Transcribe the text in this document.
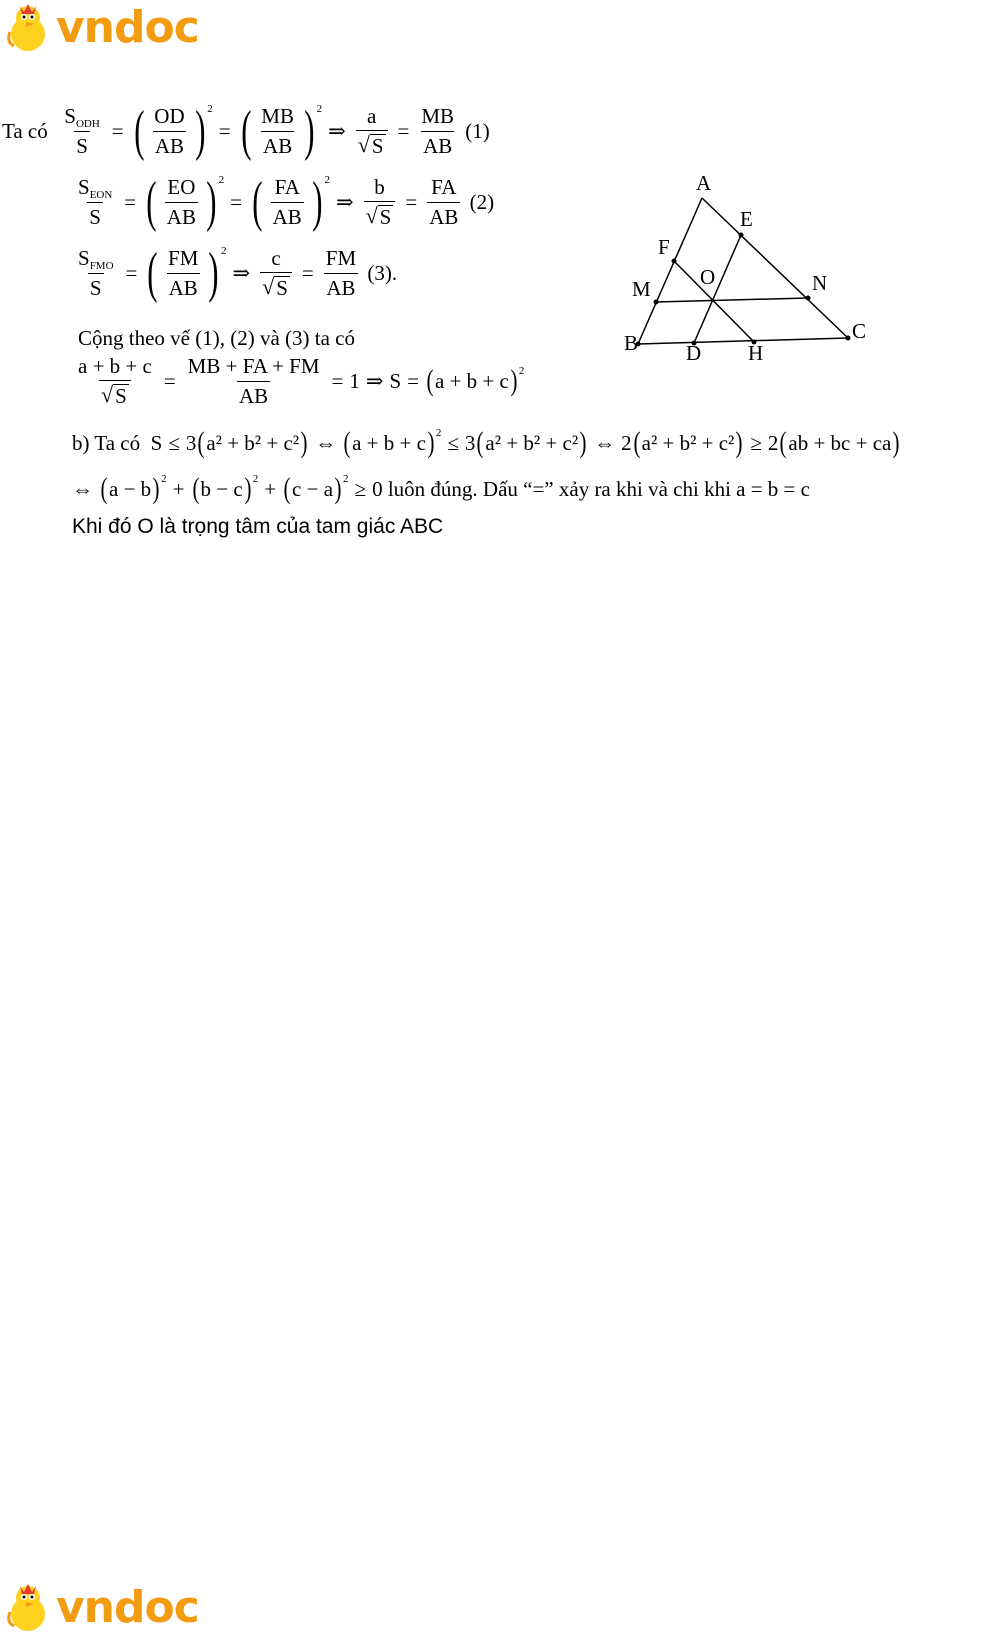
vndoc
Ta có
$\frac{\text{SODH}}{S}$ = ( $\frac{OD}{AB}$ ) 2
= ( $\frac{MB}{AB}$ ) 2
⇒ $\frac{a}{√ S} = \frac{MB}{AB}$
(1)
$\frac{\text{SEON}}{S}$ = ( $\frac{EO}{AB}$ ) 2
= ( $\frac{FA}{AB}$ ) 2
⇒ $\frac{b}{√ S} = \frac{FA}{AB}$
(2)
$\frac{\text{SFMO}}{S}$ = ( $\frac{FM}{AB}$ ) 2
⇒ $\frac{c}{√ S} = \frac{FM}{AB}$
(3).
Cộng theo vế (1), (2) và (3) ta có
$\frac{a + b + c}{√ S} = \frac{MB + FA + FM}{AB} = 1$ ⇒ S = ( a + b + c ) 2
b) Ta có
S ≤ 3 ( a² + b² + c² ) ⇔ ( a + b + c ) 2 ≤ 3 ( a² + b² + c² ) ⇔ 2 ( a² + b² + c² ) ≥ 2 ( ab + bc + ca )
⇔ ( a − b ) 2 + ( b − c ) 2 + ( c − a ) 2 ≥ 0
luôn đúng. Dấu “=” xảy ra khi và chi khi a = b = c
Khi đó O là trọng tâm của tam giác ABC
A
E
F
O
M	N
B	C
D H
vndoc
